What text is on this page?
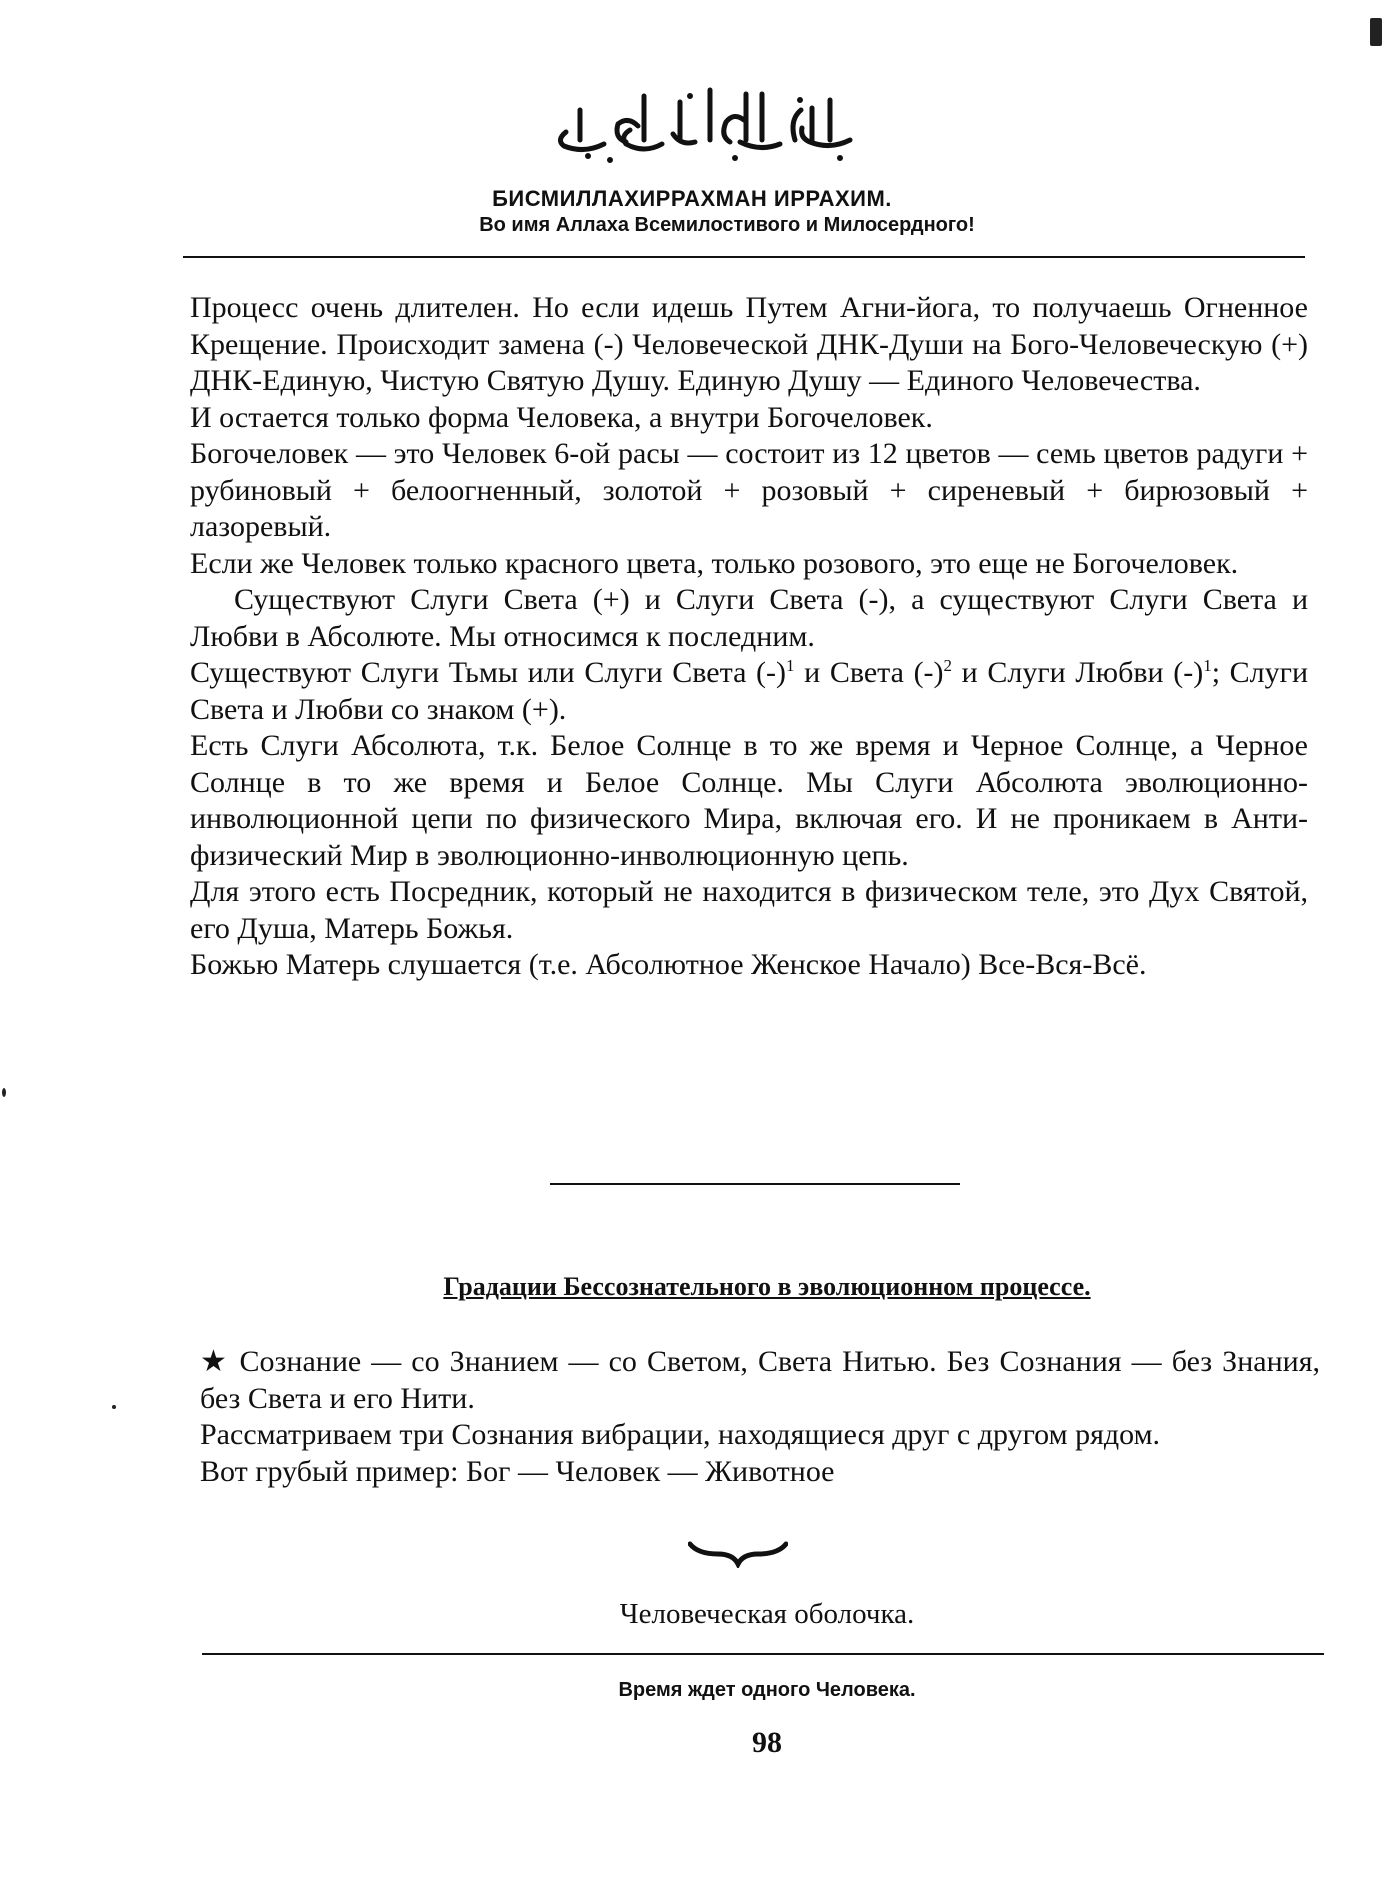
БИСМИЛЛАХИРРАХМАН ИРРАХИМ.
Во имя Аллаха Всемилостивого и Милосердного!

Процесс очень длителен. Но если идешь Путем Агни-йога, то получаешь Огненное Крещение. Происходит замена (-) Человеческой ДНК-Души на Бого-Человеческую (+) ДНК-Единую, Чистую Святую Душу. Единую Душу — Единого Человечества.

И остается только форма Человека, а внутри Богочеловек.

Богочеловек — это Человек 6-ой расы — состоит из 12 цветов — семь цветов радуги + рубиновый + белоогненный, золотой + розовый + сиреневый + бирюзовый + лазоревый.

Если же Человек только красного цвета, только розового, это еще не Богочеловек.

Существуют Слуги Света (+) и Слуги Света (-), а существуют Слуги Света и Любви в Абсолюте. Мы относимся к последним.

Существуют Слуги Тьмы или Слуги Света $(-)^1$ и Света $(-)^2$ и Слуги Любви $(-)^1$; Слуги Света и Любви со знаком (+).

Есть Слуги Абсолюта, т.к. Белое Солнце в то же время и Черное Солнце, а Черное Солнце в то же время и Белое Солнце. Мы Слуги Абсолюта эволюционно-инволюционной цепи по физического Мира, включая его. И не проникаем в Анти-физический Мир в эволюционно-инволюционную цепь.

Для этого есть Посредник, который не находится в физическом теле, это Дух Святой, его Душа, Матерь Божья.

Божью Матерь слушается (т.е. Абсолютное Женское Начало) Все-Вся-Всё.

Градации Бессознательного в эволюционном процессе.

★ Сознание — со Знанием — со Светом, Света Нитью. Без Сознания — без Знания, без Света и его Нити.

Рассматриваем три Сознания вибрации, находящиеся друг с другом рядом.

Вот грубый пример: Бог — Человек — Животное

Человеческая оболочка.
Время ждет одного Человека.
98
